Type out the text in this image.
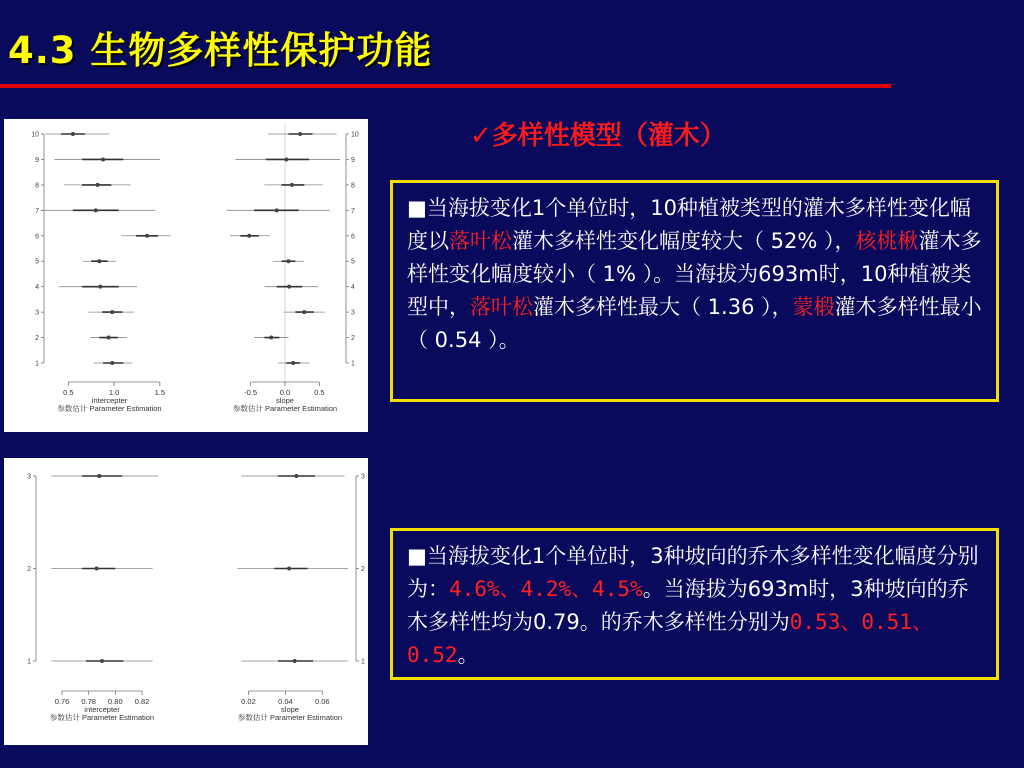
4.3 生物多样性保护功能
✓多样性模型（灌木）
10
9
8
7
6
5
4
3
2
1
0.5	1.0	1.5
intercepter
参数估计 Parameter Estimation
10
9
8
7
6
5
4
3
2
1
-0.5	0.0	0.5
slope
参数估计 Parameter Estimation
3
2
1
0.76 0.78 0.80 0.82
intercepter
参数估计 Parameter Estimation
3
2
1
0.02	0.04	0.06
slope
参数估计 Parameter Estimation
■当海拔变化1个单位时，10种植被类型的灌木多样性变化幅度以落叶松灌木多样性变化幅度较大（ 52% ），核桃楸灌木多样性变化幅度较小（ 1% ）。当海拔为693m时，10种植被类型中，落叶松灌木多样性最大（ 1.36 ），蒙椴灌木多样性最小（ 0.54 ）。
■当海拔变化1个单位时，3种坡向的乔木多样性变化幅度分别为：4.6%、4.2%、4.5%。当海拔为693m时，3种坡向的乔木多样性均为0.79。的乔木多样性分别为0.53、0.51、0.52。
